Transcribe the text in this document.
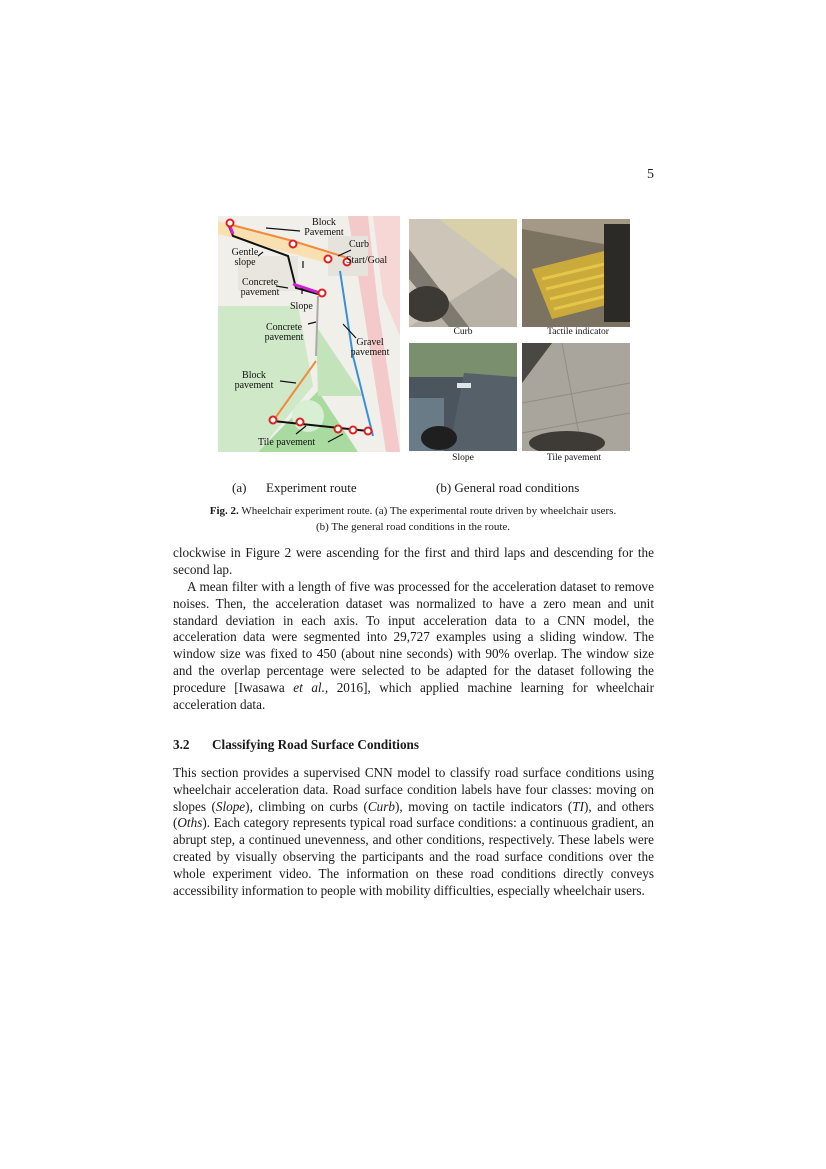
5
Block
Pavement
Curb
Gentle
slope	Start/Goal
Concrete
pavement
Slope
Concrete
pavement	Gravel
pavement
Block
pavement
Tile pavement
Curb	Tactile indicator
Slope	Tile pavement
(a) Experiment route	(b) General road conditions
Fig. 2. Wheelchair experiment route. (a) The experimental route driven by wheelchair users.
(b) The general road conditions in the route.
clockwise in Figure 2 were ascending for the first and third laps and descending for the second lap.
A mean filter with a length of five was processed for the acceleration dataset to remove noises. Then, the acceleration dataset was normalized to have a zero mean and unit standard deviation in each axis. To input acceleration data to a CNN model, the acceleration data were segmented into 29,727 examples using a sliding window. The window size was fixed to 450 (about nine seconds) with 90% overlap. The window size and the overlap percentage were selected to be adapted for the dataset following the procedure [Iwasawa et al., 2016], which applied machine learning for wheelchair acceleration data.
3.2 Classifying Road Surface Conditions
This section provides a supervised CNN model to classify road surface conditions using wheelchair acceleration data. Road surface condition labels have four classes: moving on slopes (Slope), climbing on curbs (Curb), moving on tactile indicators (TI), and others (Oths). Each category represents typical road surface conditions: a continuous gradient, an abrupt step, a continued unevenness, and other conditions, respectively. These labels were created by visually observing the participants and the road surface conditions over the whole experiment video. The information on these road conditions directly conveys accessibility information to people with mobility difficulties, especially wheelchair users.
